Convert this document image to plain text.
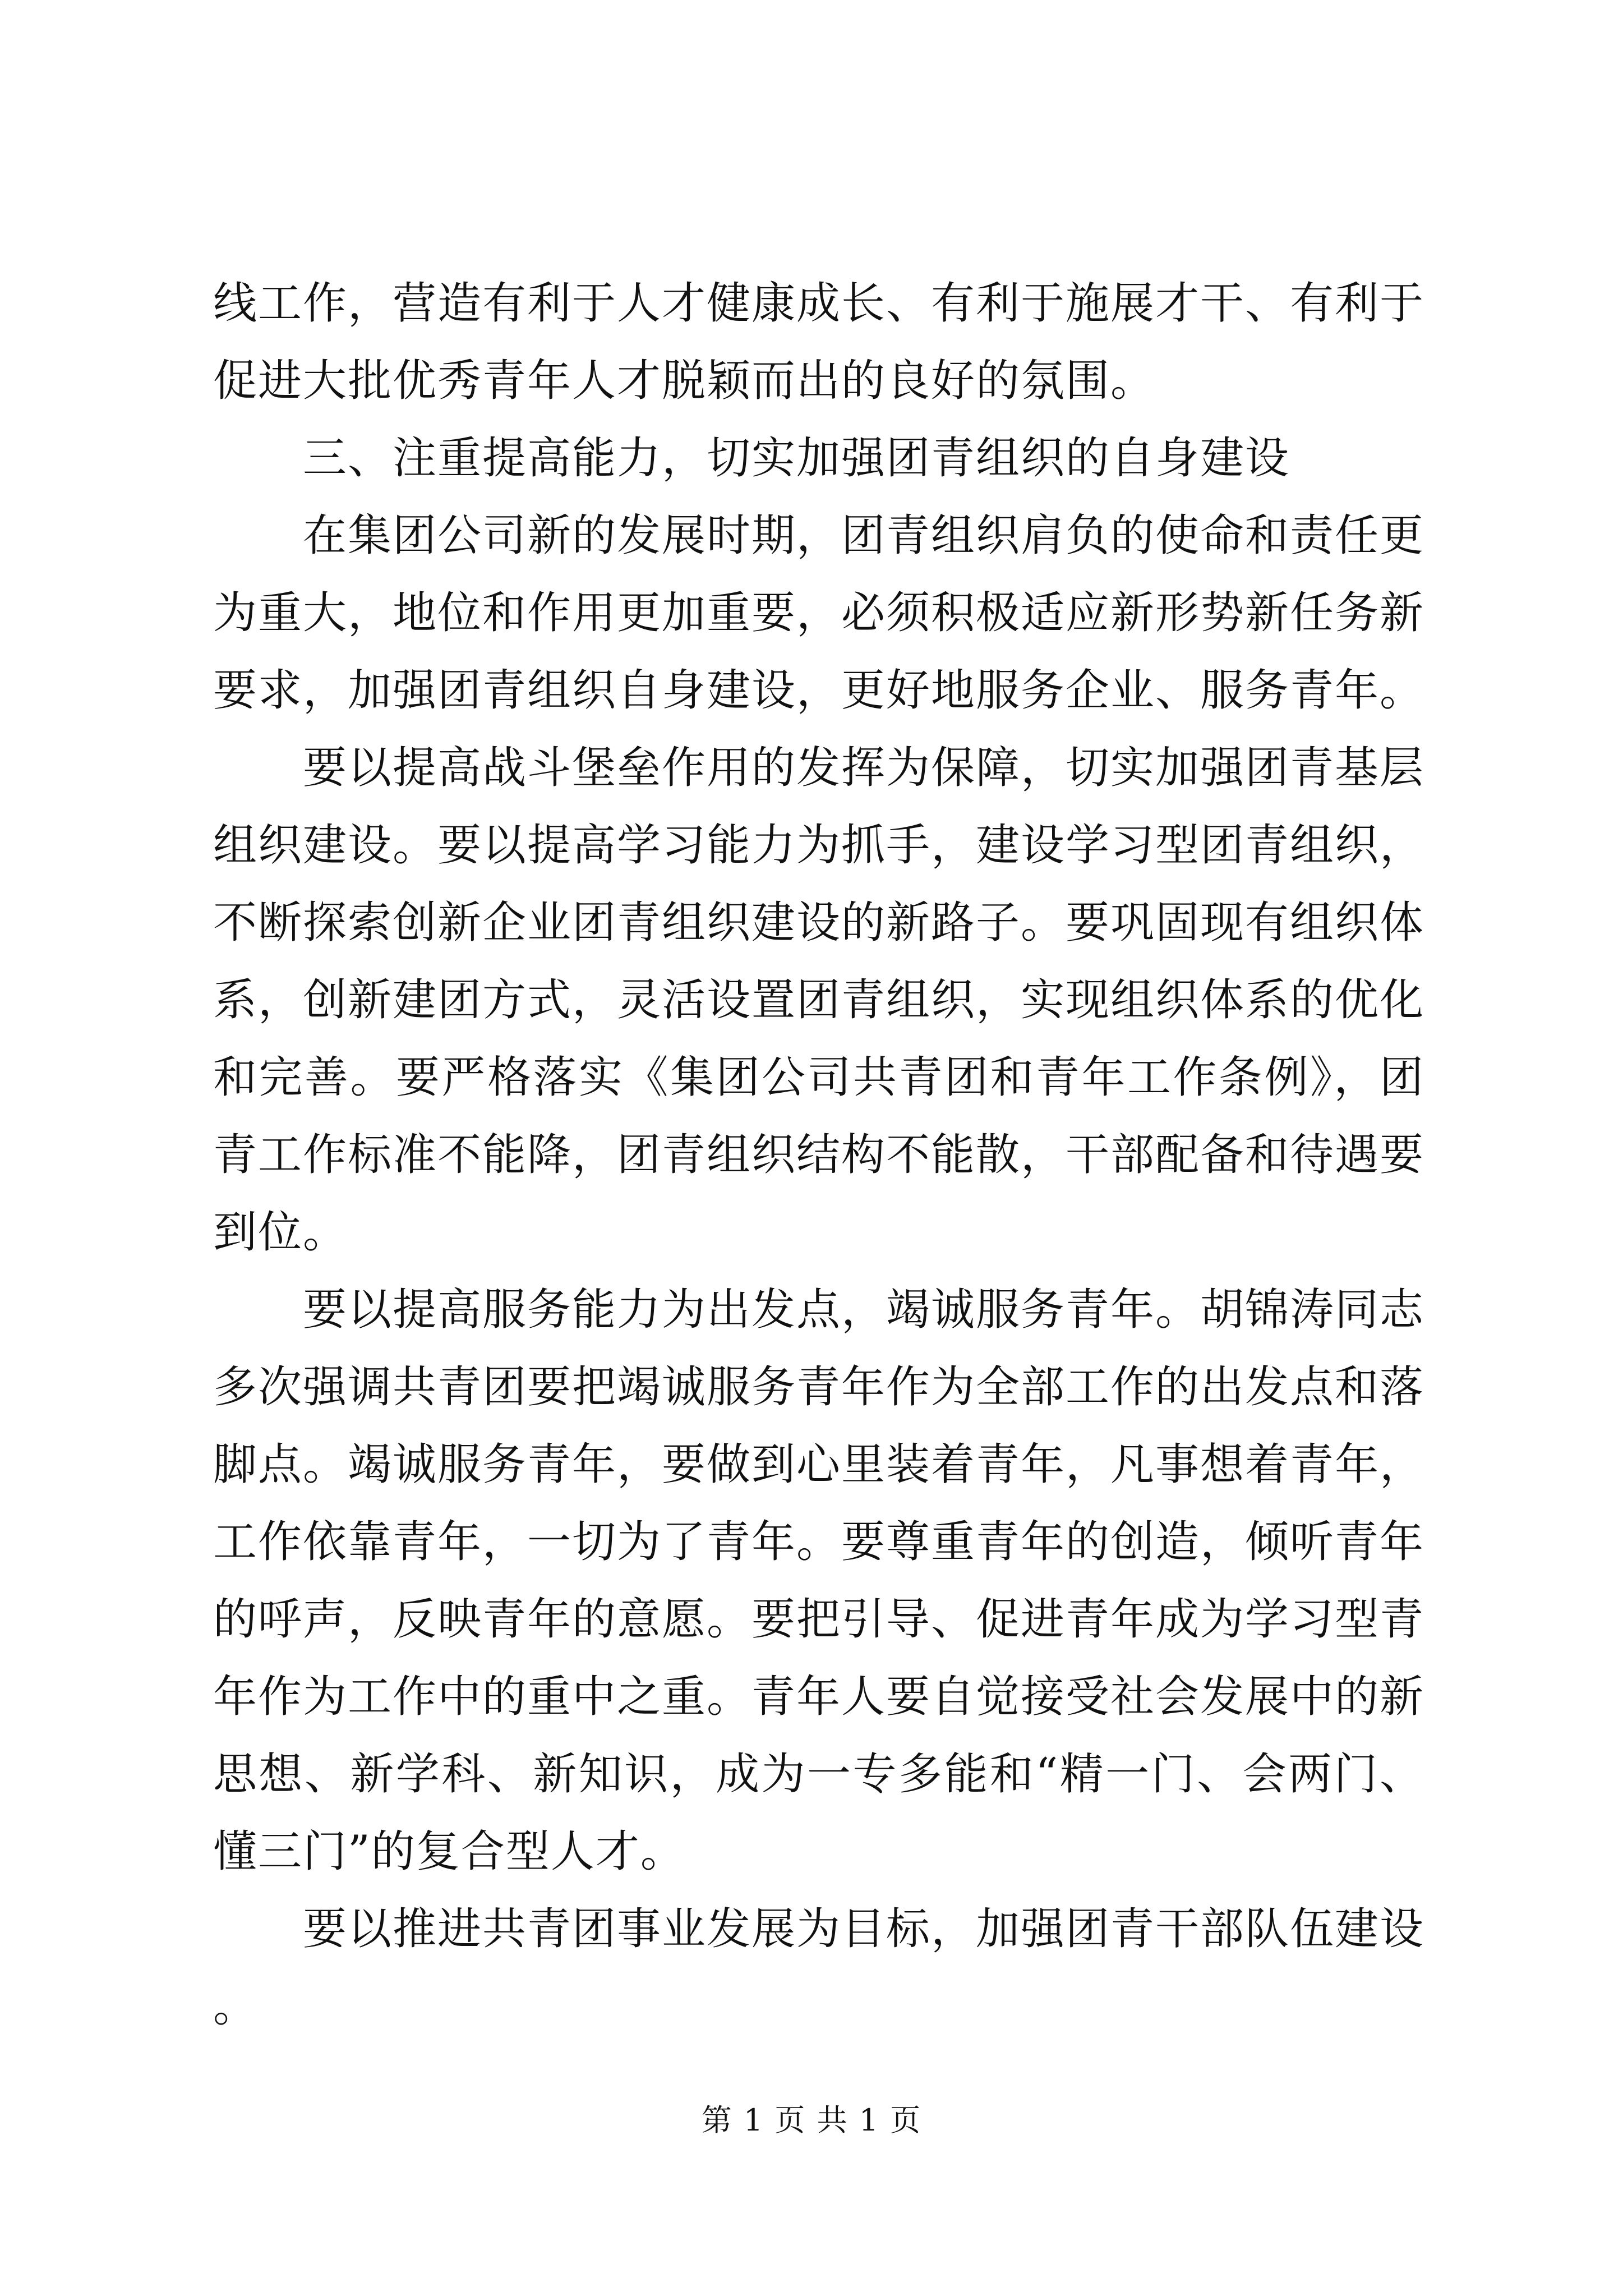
线工作，营造有利于人才健康成长、有利于施展才干、有利于促进大批优秀青年人才脱颖而出的良好的氛围。

三、注重提高能力，切实加强团青组织的自身建设

在集团公司新的发展时期，团青组织肩负的使命和责任更为重大，地位和作用更加重要，必须积极适应新形势新任务新要求，加强团青组织自身建设，更好地服务企业、服务青年。

要以提高战斗堡垒作用的发挥为保障，切实加强团青基层组织建设。要以提高学习能力为抓手，建设学习型团青组织，不断探索创新企业团青组织建设的新路子。要巩固现有组织体系，创新建团方式，灵活设置团青组织，实现组织体系的优化和完善。要严格落实《集团公司共青团和青年工作条例》，团青工作标准不能降，团青组织结构不能散，干部配备和待遇要到位。

要以提高服务能力为出发点，竭诚服务青年。胡锦涛同志多次强调共青团要把竭诚服务青年作为全部工作的出发点和落脚点。竭诚服务青年，要做到心里装着青年，凡事想着青年，工作依靠青年，一切为了青年。要尊重青年的创造，倾听青年的呼声，反映青年的意愿。要把引导、促进青年成为学习型青年作为工作中的重中之重。青年人要自觉接受社会发展中的新思想、新学科、新知识，成为一专多能和“精一门、会两门、懂三门”的复合型人才。

要以推进共青团事业发展为目标，加强团青干部队伍建设。

第 1 页 共 1 页
